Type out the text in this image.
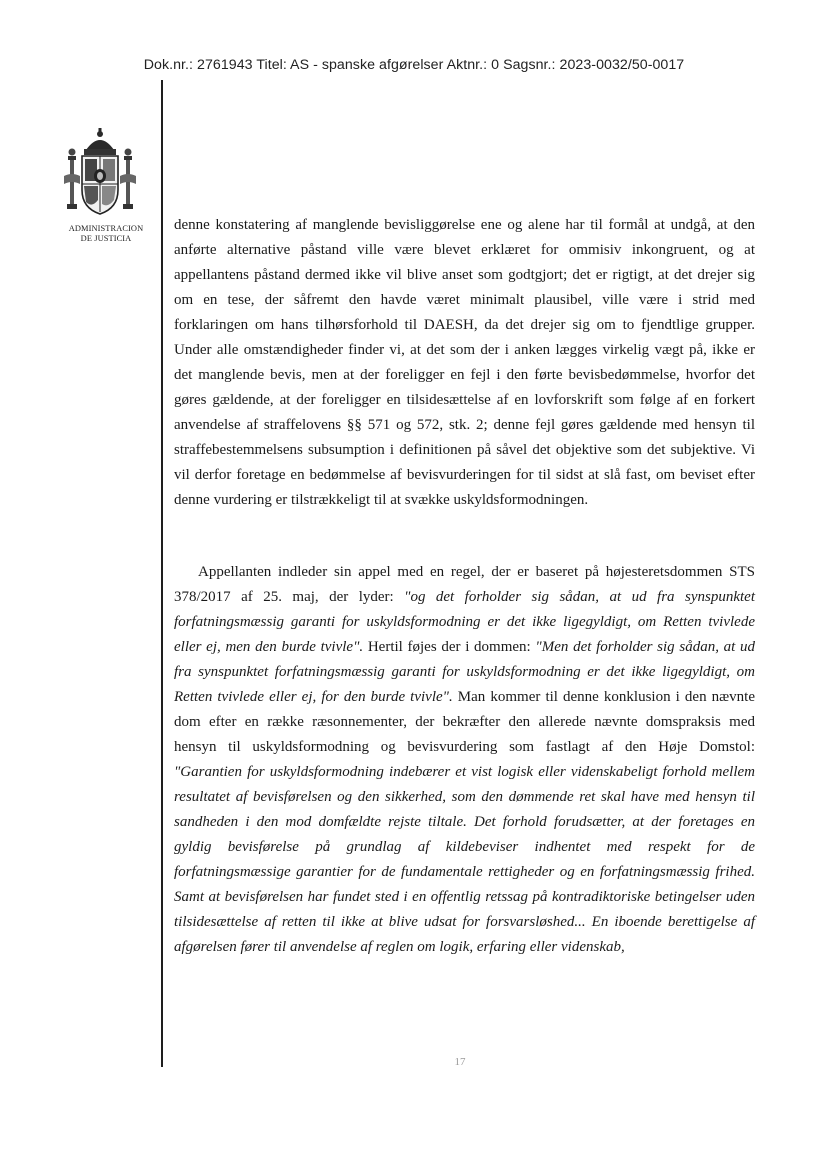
Dok.nr.: 2761943 Titel: AS - spanske afgørelser Aktnr.: 0 Sagsnr.: 2023-0032/50-0017
ADMINISTRACION
DE JUSTICIA
denne konstatering af manglende bevisliggørelse ene og alene har til formål at undgå, at den
anførte alternative påstand ville være blevet erklæret for ommisiv inkongruent, og at
appellantens påstand dermed ikke vil blive anset som godtgjort; det er rigtigt, at det drejer sig
om en tese, der såfremt den havde været minimalt plausibel, ville være i strid med
forklaringen om hans tilhørsforhold til DAESH, da det drejer sig om to fjendtlige grupper.
Under alle omstændigheder finder vi, at det som der i anken lægges virkelig vægt på, ikke er
det manglende bevis, men at der foreligger en fejl i den førte bevisbedømmelse, hvorfor det
gøres gældende, at der foreligger en tilsidesættelse af en lovforskrift som følge af en forkert
anvendelse af straffelovens §§ 571 og 572, stk. 2; denne fejl gøres gældende med hensyn til
straffebestemmelsens subsumption i definitionen på såvel det objektive som det subjektive. Vi
vil derfor foretage en bedømmelse af bevisvurderingen for til sidst at slå fast, om beviset efter
denne vurdering er tilstrækkeligt til at svække uskyldsformodningen.
Appellanten indleder sin appel med en regel, der er baseret på højesteretsdommen STS
378/2017 af 25. maj, der lyder: "og det forholder sig sådan, at ud fra synspunktet
forfatningsmæssig garanti for uskyldsformodning er det ikke ligegyldigt, om Retten tvivlede
eller ej, men den burde tvivle". Hertil føjes der i dommen: "Men det forholder sig sådan, at ud
fra synspunktet forfatningsmæssig garanti for uskyldsformodning er det ikke ligegyldigt, om
Retten tvivlede eller ej, for den burde tvivle". Man kommer til denne konklusion i den nævnte
dom efter en række ræsonnementer, der bekræfter den allerede nævnte domspraksis med
hensyn til uskyldsformodning og bevisvurdering som fastlagt af den Høje Domstol:
"Garantien for uskyldsformodning indebærer et vist logisk eller videnskabeligt forhold mellem
resultatet af bevisførelsen og den sikkerhed, som den dømmende ret skal have med hensyn til
sandheden i den mod domfældte rejste tiltale. Det forhold forudsætter, at der foretages en
gyldig bevisførelse på grundlag af kildebeviser indhentet med respekt for de
forfatningsmæssige garantier for de fundamentale rettigheder og en forfatningsmæssig frihed.
Samt at bevisførelsen har fundet sted i en offentlig retssag på kontradiktoriske betingelser uden
tilsidesættelse af retten til ikke at blive udsat for forsvarsløshed... En iboende berettigelse af
afgørelsen fører til anvendelse af reglen om logik, erfaring eller videnskab,
17
